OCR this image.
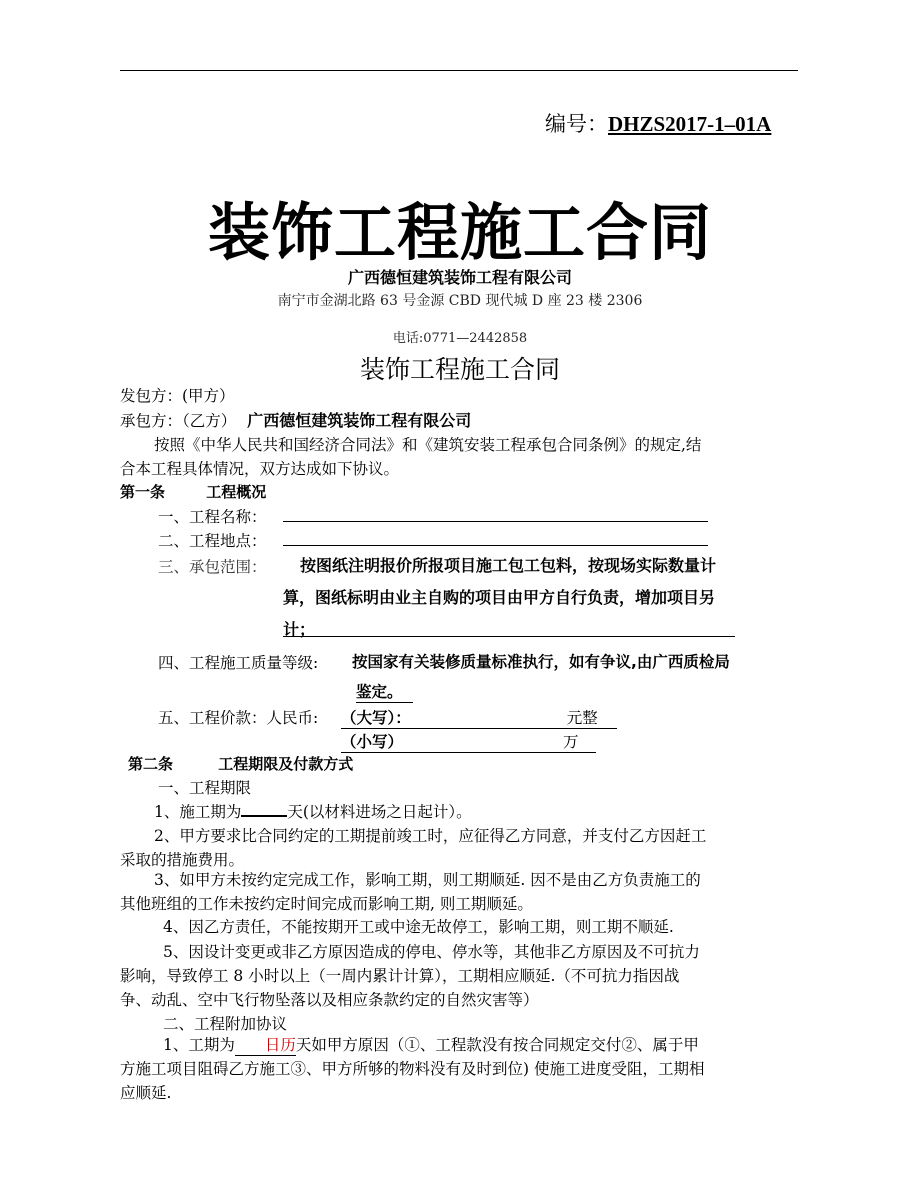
编号：DHZS2017-1–01A
装饰工程施工合同
广西德恒建筑装饰工程有限公司
南宁市金湖北路 63 号金源 CBD 现代城 D 座 23 楼 2306
电话:0771—2442858
装饰工程施工合同
发包方：(甲方）
承包方：（乙方） 广西德恒建筑装饰工程有限公司
按照《中华人民共和国经济合同法》和《建筑安装工程承包合同条例》的规定,结
合本工程具体情况，双方达成如下协议。
第一条	工程概况
一、工程名称：
二、工程地点：
三、承包范围： 按图纸注明报价所报项目施工包工包料，按现场实际数量计
算，图纸标明由业主自购的项目由甲方自行负责，增加项目另
计；
四、工程施工质量等级: 按国家有关装修质量标准执行，如有争议,由广西质检局
鉴定。
五、工程价款：人民币: （大写）：	元整
（小写）	万
第二条	工程期限及付款方式
一、工程期限
1、施工期为	天(以材料进场之日起计）。
2、甲方要求比合同约定的工期提前竣工时，应征得乙方同意，并支付乙方因赶工
采取的措施费用。
3、如甲方未按约定完成工作，影响工期，则工期顺延. 因不是由乙方负责施工的
其他班组的工作未按约定时间完成而影响工期, 则工期顺延。
4、因乙方责任，不能按期开工或中途无故停工，影响工期，则工期不顺延.
5、因设计变更或非乙方原因造成的停电、停水等，其他非乙方原因及不可抗力
影响，导致停工 8 小时以上（一周内累计计算），工期相应顺延.（不可抗力指因战
争、动乱、空中飞行物坠落以及相应条款约定的自然灾害等）
二、工程附加协议
1、工期为 日历天如甲方原因（①、工程款没有按合同规定交付②、属于甲
方施工项目阻碍乙方施工③、甲方所够的物料没有及时到位) 使施工进度受阻，工期相
应顺延.
